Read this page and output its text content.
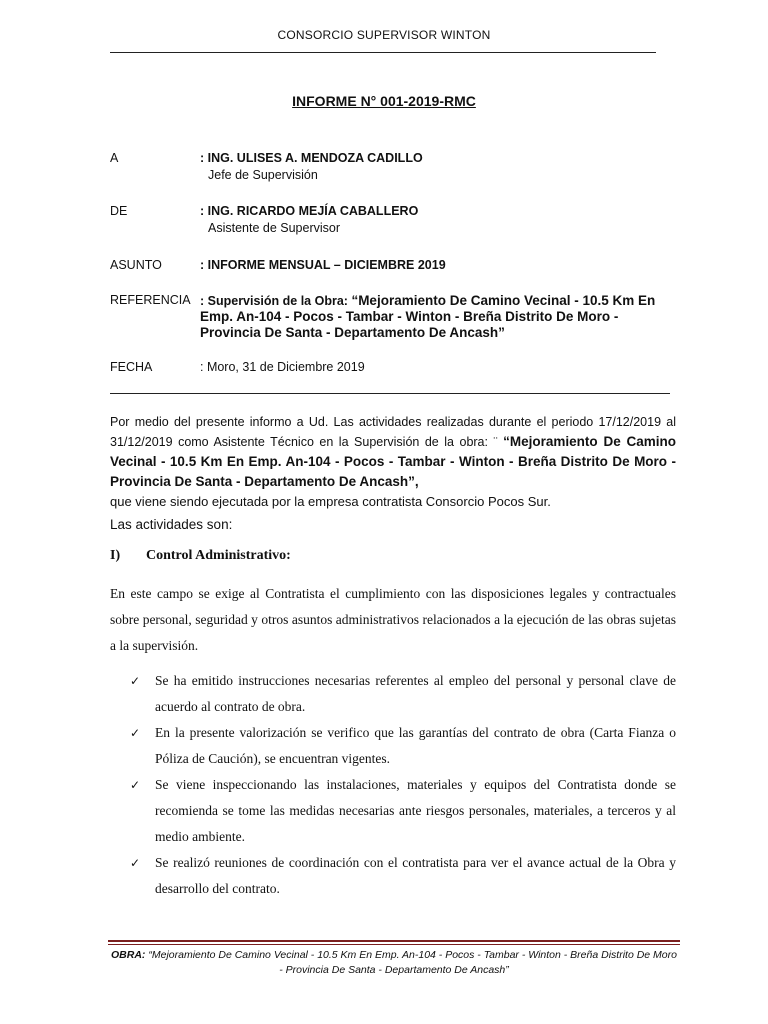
CONSORCIO SUPERVISOR WINTON
INFORME N° 001-2019-RMC
A	: ING. ULISES A. MENDOZA CADILLO
Jefe de Supervisión
DE	: ING. RICARDO MEJÍA CABALLERO
Asistente de Supervisor
ASUNTO	: INFORME MENSUAL – DICIEMBRE 2019
REFERENCIA : Supervisión de la Obra: “Mejoramiento De Camino Vecinal - 10.5 Km En Emp. An-104 - Pocos - Tambar - Winton - Breña Distrito De Moro - Provincia De Santa - Departamento De Ancash”
FECHA	: Moro, 31 de Diciembre 2019
Por medio del presente informo a Ud. Las actividades realizadas durante el periodo 17/12/2019 al 31/12/2019 como Asistente Técnico en la Supervisión de la obra: ¨ “Mejoramiento De Camino Vecinal - 10.5 Km En Emp. An-104 - Pocos - Tambar - Winton - Breña Distrito De Moro - Provincia De Santa - Departamento De Ancash”,
que viene siendo ejecutada por la empresa contratista Consorcio Pocos Sur.
Las actividades son:
I) Control Administrativo:
En este campo se exige al Contratista el cumplimiento con las disposiciones legales y contractuales sobre personal, seguridad y otros asuntos administrativos relacionados a la ejecución de las obras sujetas a la supervisión.
✓ Se ha emitido instrucciones necesarias referentes al empleo del personal y personal clave de acuerdo al contrato de obra.
✓ En la presente valorización se verifico que las garantías del contrato de obra (Carta Fianza o Póliza de Caución), se encuentran vigentes.
✓ Se viene inspeccionando las instalaciones, materiales y equipos del Contratista donde se recomienda se tome las medidas necesarias ante riesgos personales, materiales, a terceros y al medio ambiente.
✓ Se realizó reuniones de coordinación con el contratista para ver el avance actual de la Obra y desarrollo del contrato.
OBRA: “Mejoramiento De Camino Vecinal - 10.5 Km En Emp. An-104 - Pocos - Tambar - Winton - Breña Distrito De Moro - Provincia De Santa - Departamento De Ancash”
